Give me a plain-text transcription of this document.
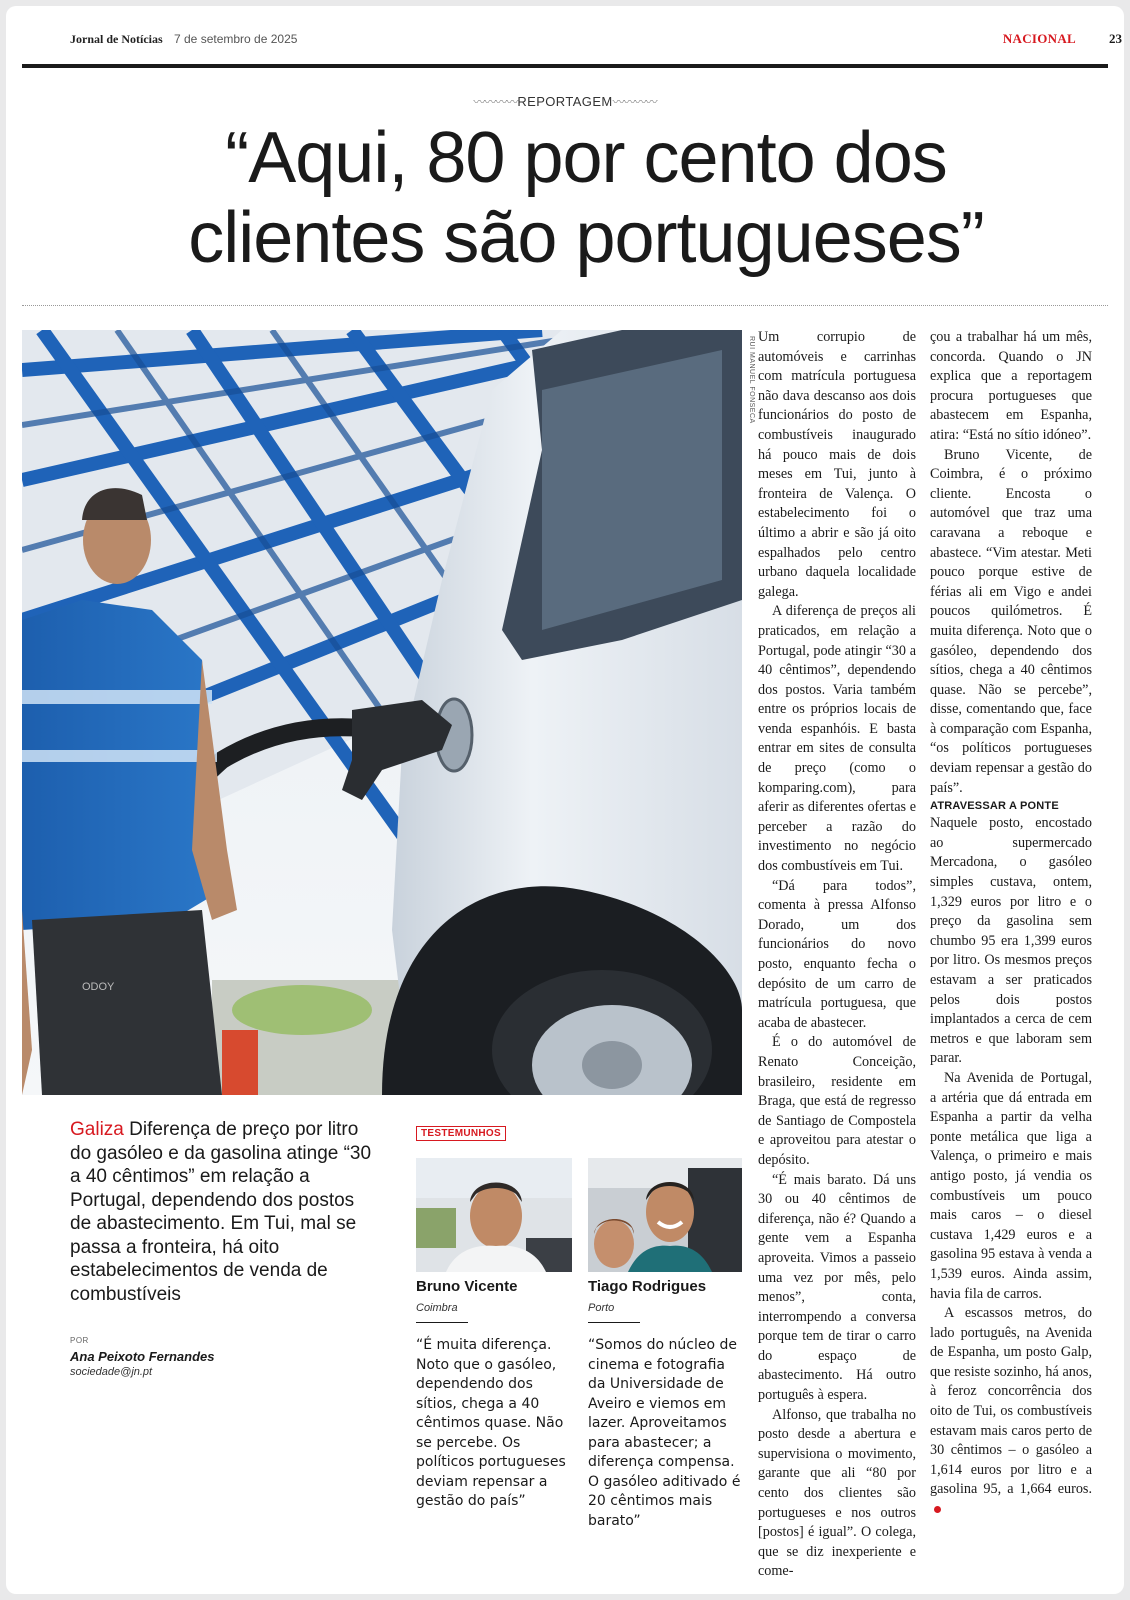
Jornal de Notícias 7 de setembro de 2025	NACIONAL	23
〰〰〰〰REPORTAGEM〰〰〰〰
“Aqui, 80 por cento dos
clientes são portugueses”
ODOY
RUI MANUEL FONSECA Um corrupio de automóveis e carrinhas com matrícula portuguesa não dava descanso aos dois funcionários do posto de combustíveis inaugurado há pouco mais de dois meses em Tui, junto à fronteira de Valença. O estabelecimento foi o último a abrir e são já oito espalhados pelo centro urbano daquela localidade galega.

A diferença de preços ali praticados, em relação a Portugal, pode atingir “30 a 40 cêntimos”, dependendo dos postos. Varia também entre os próprios locais de venda espanhóis. E basta entrar em sites de consulta de preço (como o komparing.com), para aferir as diferentes ofertas e perceber a razão do investimento no negócio dos combustíveis em Tui.

“Dá para todos”, comenta à pressa Alfonso Dorado, um dos funcionários do novo posto, enquanto fecha o depósito de um carro de matrícula portuguesa, que acaba de abastecer.

É o do automóvel de Renato Conceição, brasileiro, residente em Braga, que está de regresso de Santiago de Compostela e aproveitou para atestar o depósito.

“É mais barato. Dá uns 30 ou 40 cêntimos de diferença, não é? Quando a gente vem a Espanha aproveita. Vimos a passeio uma vez por mês, pelo menos”, conta, interrompendo a conversa porque tem de tirar o carro do espaço de abastecimento. Há outro português à espera.

Alfonso, que trabalha no posto desde a abertura e supervisiona o movimento, garante que ali “80 por cento dos clientes são portugueses e nos outros [postos] é igual”. O colega, que se diz inexperiente e come-

çou a trabalhar há um mês, concorda. Quando o JN explica que a reportagem procura portugueses que abastecem em Espanha, atira: “Está no sítio idóneo”.

Bruno Vicente, de Coimbra, é o próximo cliente. Encosta o automóvel que traz uma caravana a reboque e abastece. “Vim atestar. Meti pouco porque estive de férias ali em Vigo e andei poucos quilómetros. É muita diferença. Noto que o gasóleo, dependendo dos sítios, chega a 40 cêntimos quase. Não se percebe”, disse, comentando que, face à comparação com Espanha, “os políticos portugueses deviam repensar a gestão do país”.

ATRAVESSAR A PONTE

Naquele posto, encostado ao supermercado Mercadona, o gasóleo simples custava, ontem, 1,329 euros por litro e o preço da gasolina sem chumbo 95 era 1,399 euros por litro. Os mesmos preços estavam a ser praticados pelos dois postos implantados a cerca de cem metros e que laboram sem parar.

Na Avenida de Portugal, a artéria que dá entrada em Espanha a partir da velha ponte metálica que liga a Valença, o primeiro e mais antigo posto, já vendia os combustíveis um pouco mais caros – o diesel custava 1,429 euros e a gasolina 95 estava à venda a 1,539 euros. Ainda assim, havia fila de carros.

A escassos metros, do lado português, na Avenida de Espanha, um posto Galp, que resiste sozinho, há anos, à feroz concorrência dos oito de Tui, os combustíveis estavam mais caros perto de 30 cêntimos – o gasóleo a 1,614 euros por litro e a gasolina 95, a 1,664 euros.

Galiza Diferença de preço por litro do gasóleo e da gasolina atinge “30 a 40 cêntimos” em relação a Portugal, dependendo dos postos de abastecimento. Em Tui, mal se passa a fronteira, há oito estabelecimentos de venda de combustíveis
POR
Ana Peixoto Fernandes
sociedade@jn.pt
TESTEMUNHOS
Bruno Vicente	Tiago Rodrigues
Coimbra	Porto
“É muita diferença. Noto que o gasóleo, dependendo dos sítios, chega a 40 cêntimos quase. Não se percebe. Os políticos portugueses deviam repensar a gestão do país”
“Somos do núcleo de cinema e fotografia da Universidade de Aveiro e viemos em lazer. Aproveitamos para abastecer; a diferença compensa. O gasóleo aditivado é 20 cêntimos mais barato”
